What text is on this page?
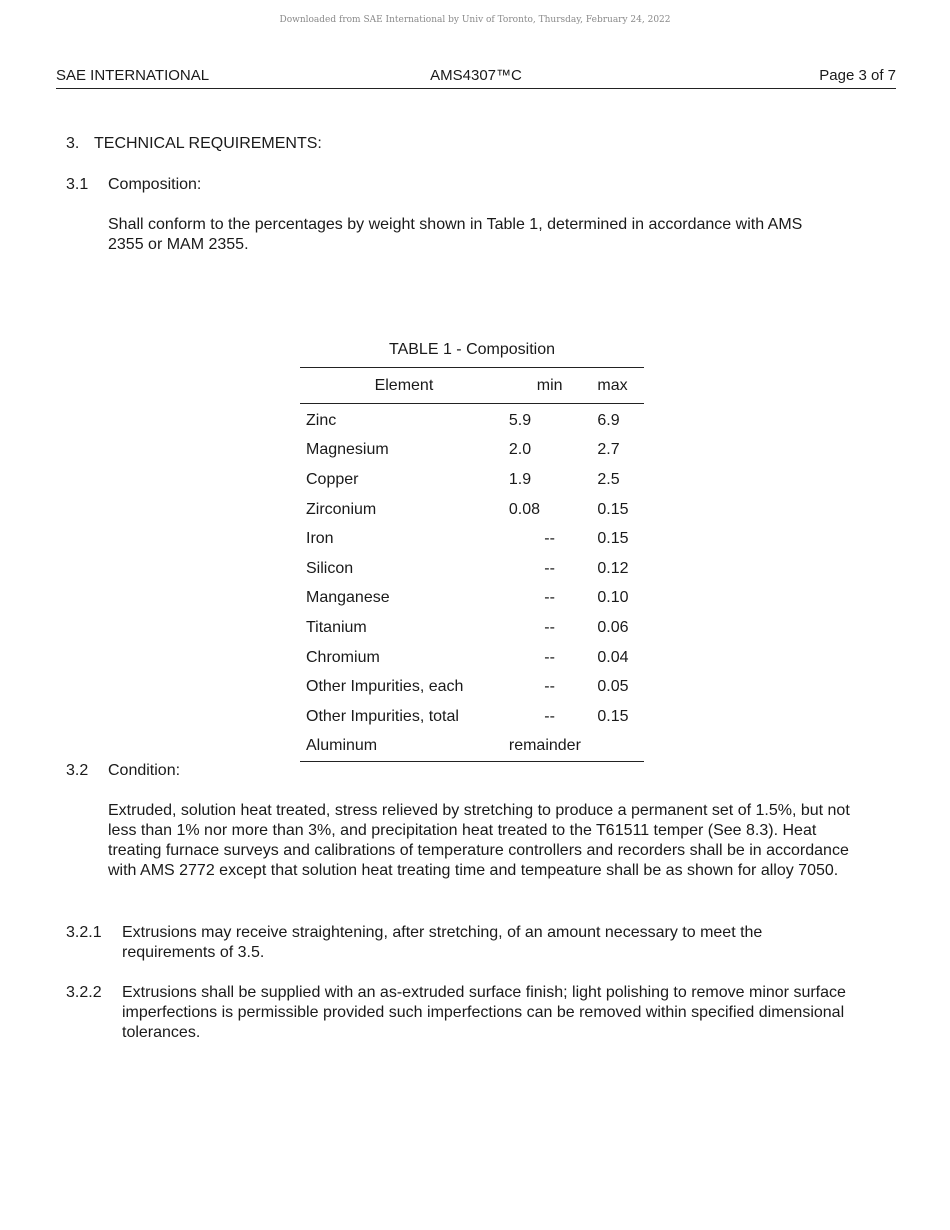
Downloaded from SAE International by Univ of Toronto, Thursday, February 24, 2022
AMS4307™C
SAE INTERNATIONAL	Page 3 of 7
3. TECHNICAL REQUIREMENTS:
3.1 Composition:

Shall conform to the percentages by weight shown in Table 1, determined in accordance with AMS 2355 or MAM 2355.

TABLE 1 - Composition
Element	min	max
Zinc	5.9	6.9
Magnesium	2.0	2.7
Copper	1.9	2.5
Zirconium	0.08	0.15
Iron	--	0.15
Silicon	--	0.12
Manganese	--	0.10
Titanium	--	0.06
Chromium	--	0.04
Other Impurities, each	--	0.05
Other Impurities, total	--	0.15
Aluminum	remainder	
3.2 Condition:

Extruded, solution heat treated, stress relieved by stretching to produce a permanent set of 1.5%, but not less than 1% nor more than 3%, and precipitation heat treated to the T61511 temper (See 8.3). Heat treating furnace surveys and calibrations of temperature controllers and recorders shall be in accordance with AMS 2772 except that solution heat treating time and tempeature shall be as shown for alloy 7050.

3.2.1 Extrusions may receive straightening, after stretching, of an amount necessary to meet the requirements of 3.5.

3.2.2 Extrusions shall be supplied with an as-extruded surface finish; light polishing to remove minor surface imperfections is permissible provided such imperfections can be removed within specified dimensional tolerances.
